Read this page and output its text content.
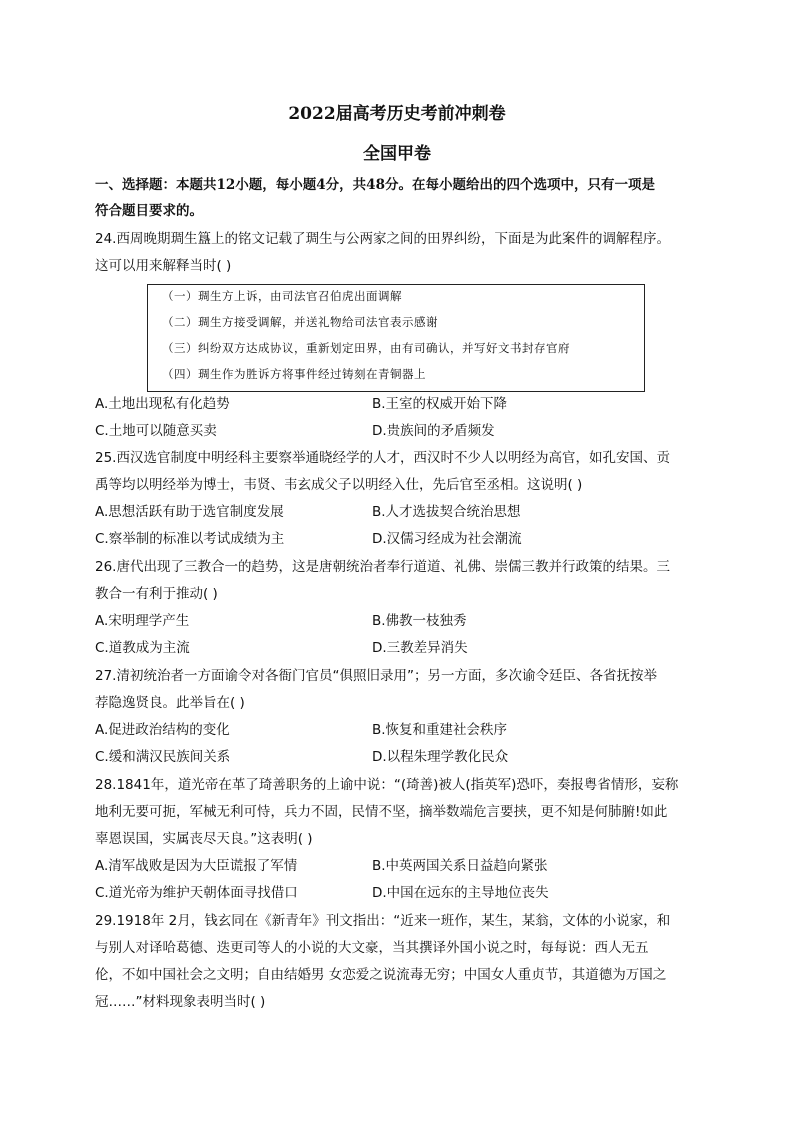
2022届高考历史考前冲刺卷
全国甲卷
一、选择题：本题共12小题，每小题4分，共48分。在每小题给出的四个选项中，只有一项是
符合题目要求的。
24.西周晚期琱生簋上的铭文记载了琱生与公两家之间的田界纠纷，下面是为此案件的调解程序。
这可以用来解释当时( )
（一）琱生方上诉，由司法官召伯虎出面调解
（二）琱生方接受调解，并送礼物给司法官表示感谢
（三）纠纷双方达成协议，重新划定田界，由有司确认，并写好文书封存官府
（四）琱生作为胜诉方将事件经过铸刻在青铜器上
A.土地出现私有化趋势	B.王室的权威开始下降
C.土地可以随意买卖	D.贵族间的矛盾频发
25.西汉选官制度中明经科主要察举通晓经学的人才，西汉时不少人以明经为高官，如孔安国、贡
禹等均以明经举为博士，韦贤、韦玄成父子以明经入仕，先后官至丞相。这说明( )
A.思想活跃有助于选官制度发展	B.人才选拔契合统治思想
C.察举制的标准以考试成绩为主	D.汉儒习经成为社会潮流
26.唐代出现了三教合一的趋势，这是唐朝统治者奉行道道、礼佛、崇儒三教并行政策的结果。三
教合一有利于推动( )
A.宋明理学产生	B.佛教一枝独秀
C.道教成为主流	D.三教差异消失
27.清初统治者一方面谕令对各衙门官员“俱照旧录用”；另一方面，多次谕令廷臣、各省抚按举
荐隐逸贤良。此举旨在( )
A.促进政治结构的变化	B.恢复和重建社会秩序
C.缓和满汉民族间关系	D.以程朱理学教化民众
28.1841年，道光帝在革了琦善职务的上谕中说：“(琦善)被人(指英军)恐吓，奏报粤省情形，妄称
地利无要可扼，军械无利可恃，兵力不固，民情不坚，摘举数端危言要挟，更不知是何肺腑!如此
辜恩误国，实属丧尽天良。”这表明( )
A.清军战败是因为大臣谎报了军情	B.中英两国关系日益趋向紧张
C.道光帝为维护天朝体面寻找借口	D.中国在远东的主导地位丧失
29.1918年 2月，钱玄同在《新青年》刊文指出：“近来一班作，某生，某翁，文体的小说家，和
与别人对译哈葛德、迭更司等人的小说的大文豪，当其撰译外国小说之时，每每说：西人无五
伦，不如中国社会之文明；自由结婚男 女恋爱之说流毒无穷；中国女人重贞节，其道德为万国之
冠……”材料现象表明当时( )
